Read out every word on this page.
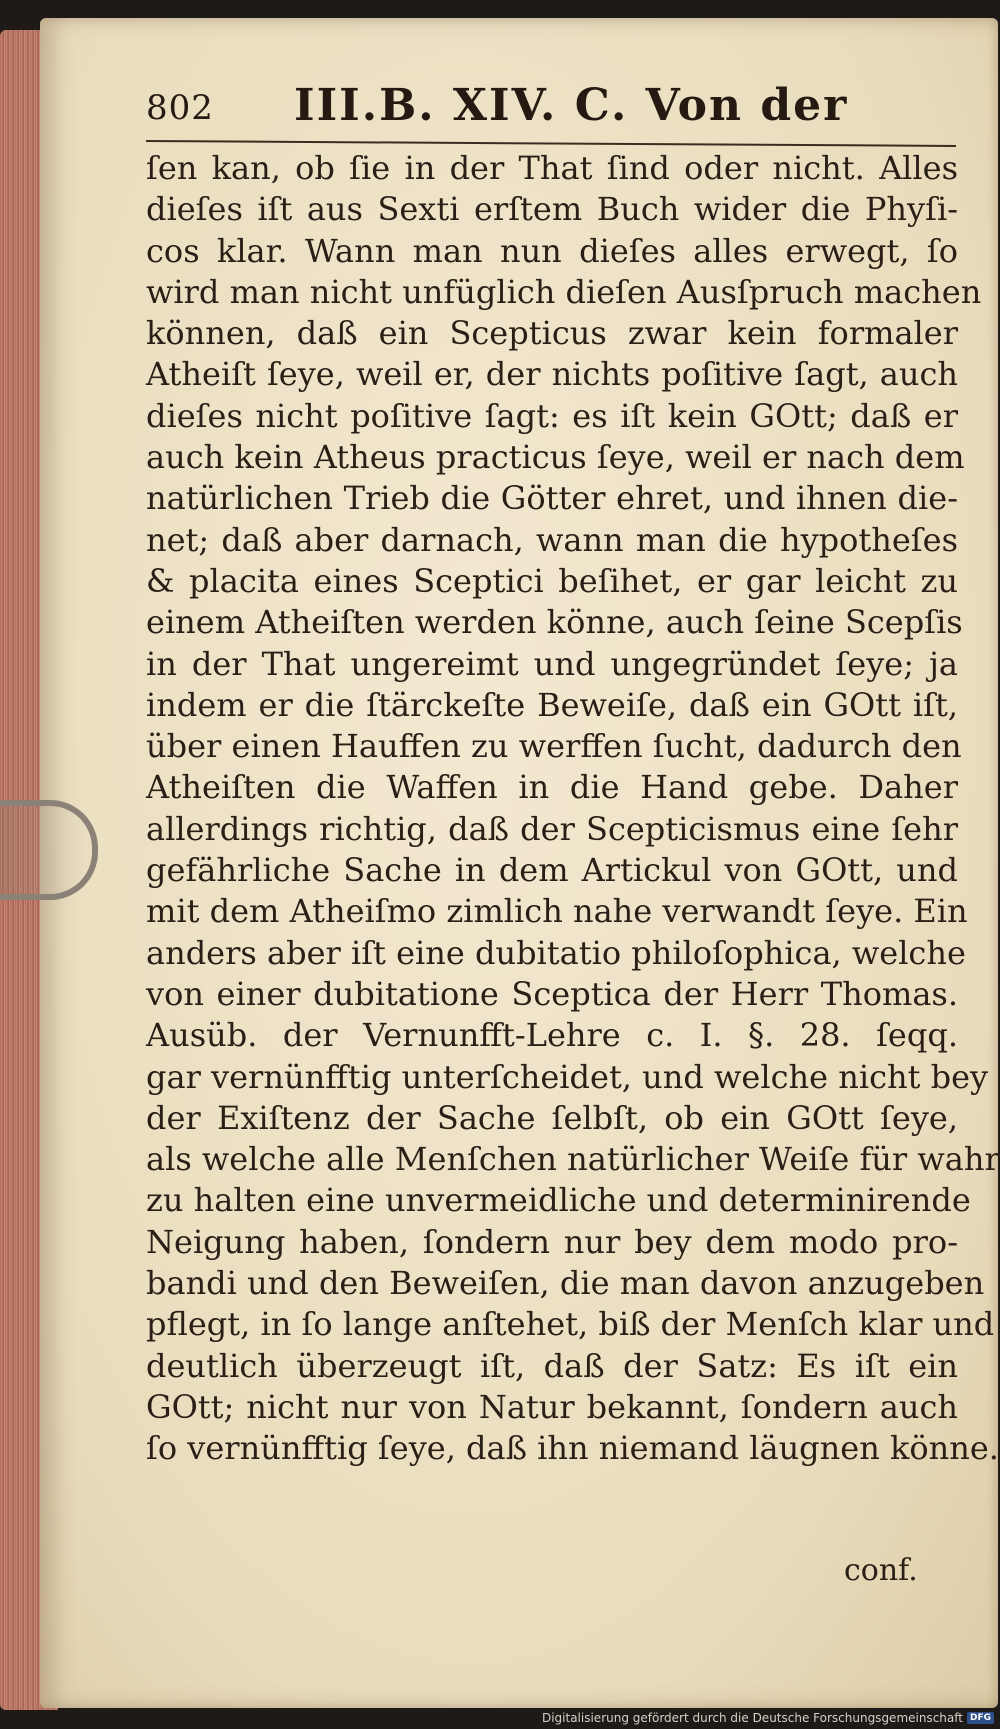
802 III.B. XIV. C. Von der
ſen kan, ob ſie in der That ſind oder nicht. Alles
dieſes iſt aus Sexti erſtem Buch wider die Phyſi-
cos klar. Wann man nun dieſes alles erwegt, ſo
wird man nicht unfüglich dieſen Ausſpruch machen
können, daß ein Scepticus zwar kein formaler
Atheiſt ſeye, weil er, der nichts poſitive ſagt, auch
dieſes nicht poſitive ſagt: es iſt kein GOtt; daß er
auch kein Atheus practicus ſeye, weil er nach dem
natürlichen Trieb die Götter ehret, und ihnen die-
net; daß aber darnach, wann man die hypotheſes
& placita eines Sceptici beſihet, er gar leicht zu
einem Atheiſten werden könne, auch ſeine Scepſis
in der That ungereimt und ungegründet ſeye; ja
indem er die ſtärckeſte Beweiſe, daß ein GOtt iſt,
über einen Hauffen zu werffen ſucht, dadurch den
Atheiſten die Waffen in die Hand gebe. Daher
allerdings richtig, daß der Scepticismus eine ſehr
gefährliche Sache in dem Artickul von GOtt, und
mit dem Atheiſmo zimlich nahe verwandt ſeye. Ein
anders aber iſt eine dubitatio philoſophica, welche
von einer dubitatione Sceptica der Herr Thomas.
Ausüb. der Vernunfft-Lehre c. I. §. 28. ſeqq.
gar vernünfftig unterſcheidet, und welche nicht bey
der Exiſtenz der Sache ſelbſt, ob ein GOtt ſeye,
als welche alle Menſchen natürlicher Weiſe für wahr
zu halten eine unvermeidliche und determinirende
Neigung haben, ſondern nur bey dem modo pro-
bandi und den Beweiſen, die man davon anzugeben
pflegt, in ſo lange anſtehet, biß der Menſch klar und
deutlich überzeugt iſt, daß der Satz: Es iſt ein
GOtt; nicht nur von Natur bekannt, ſondern auch
ſo vernünfftig ſeye, daß ihn niemand läugnen könne.
conf.
Digitalisierung gefördert durch die Deutsche Forschungsgemeinschaft DFG
